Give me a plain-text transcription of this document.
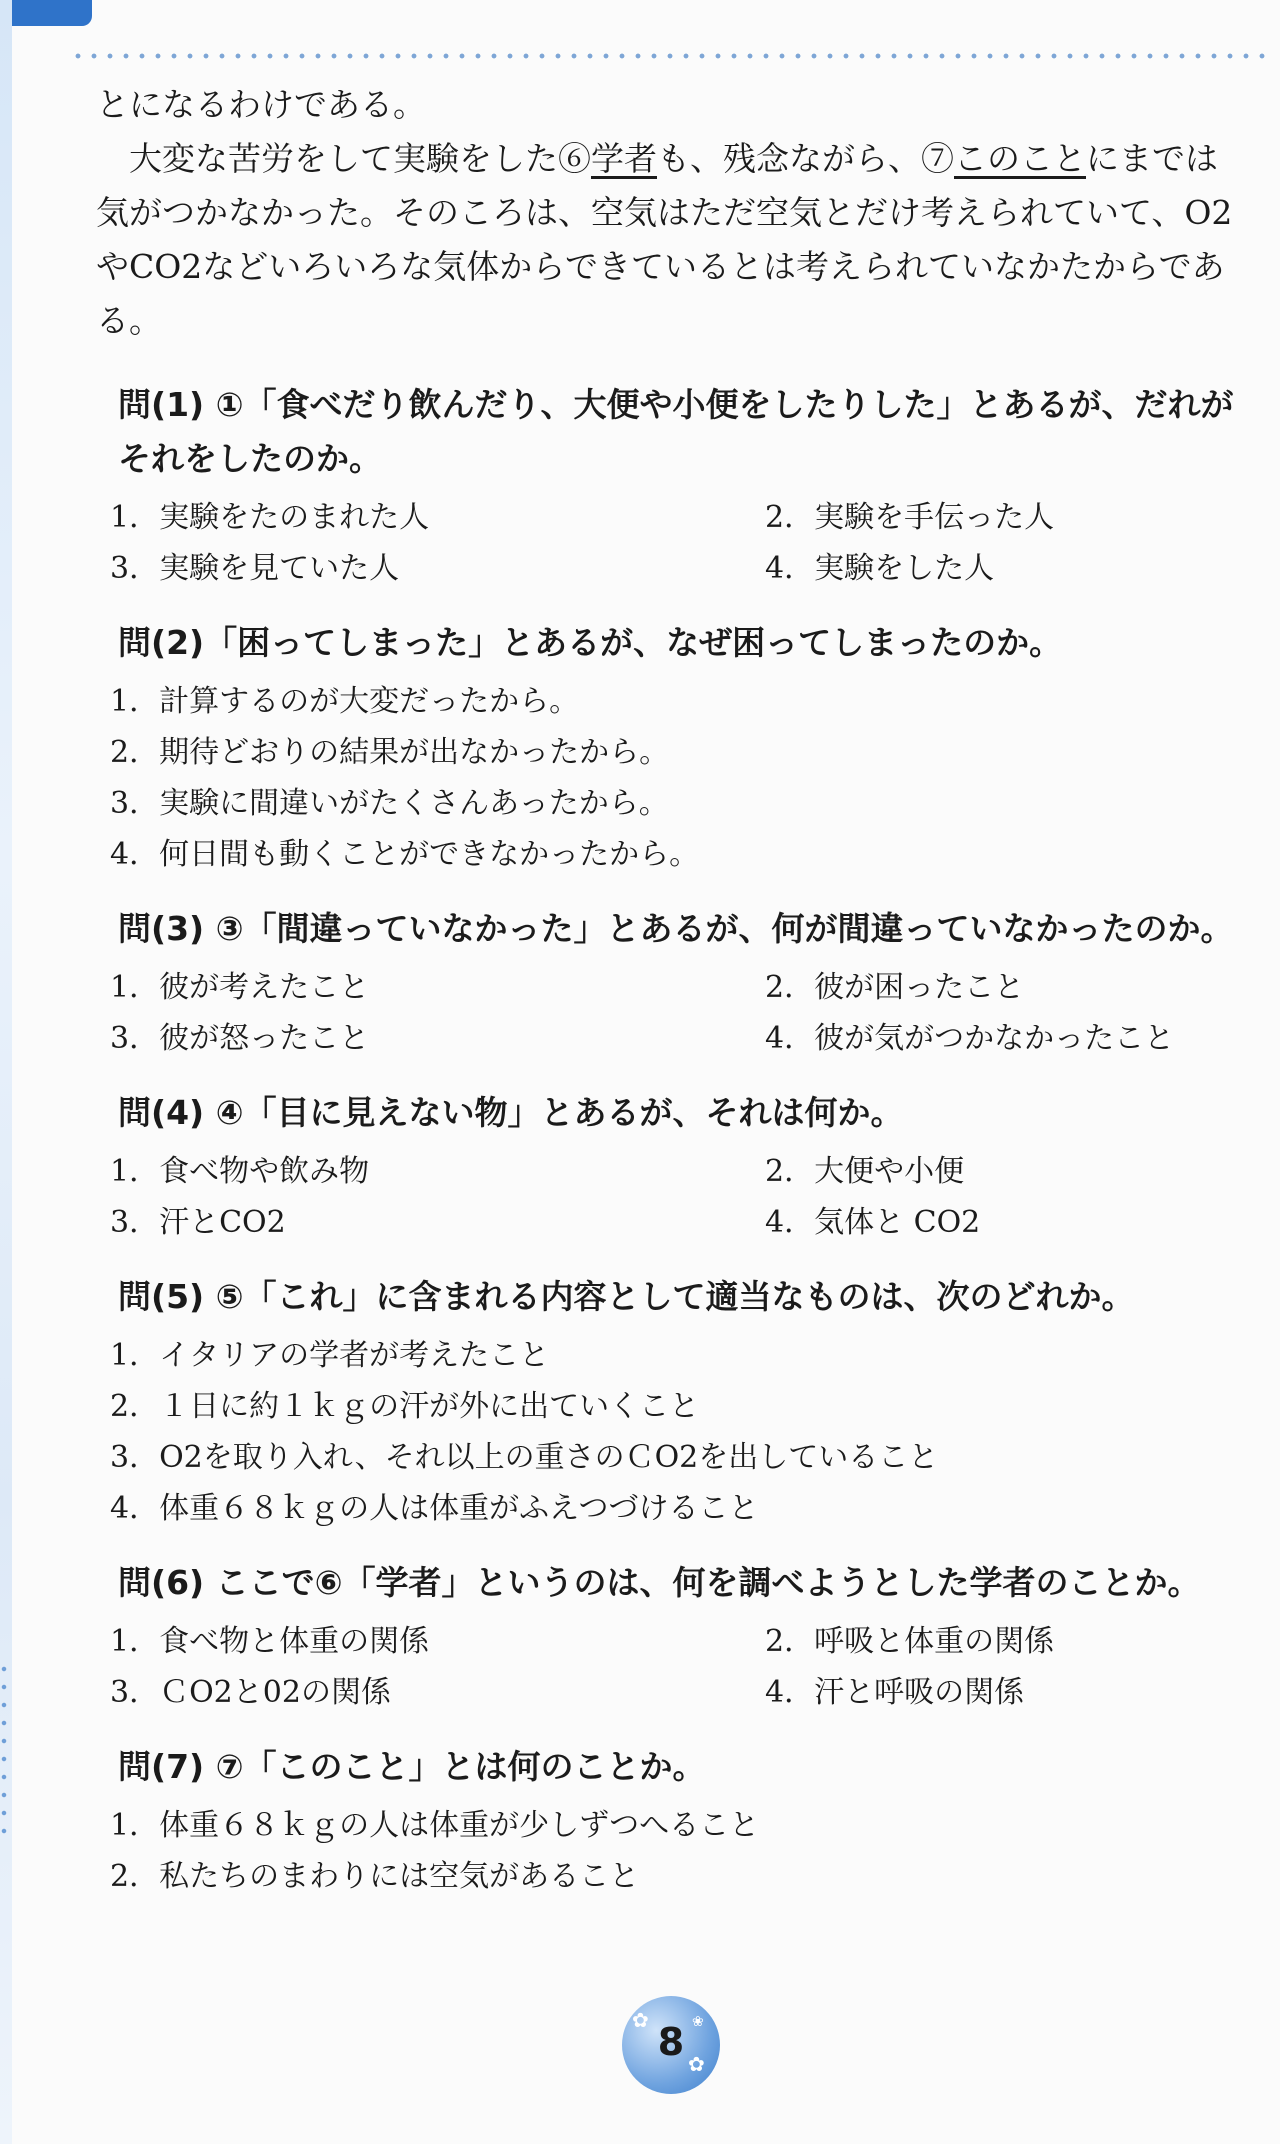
とになるわけである。

大変な苦労をして実験をした⑥学者も、残念ながら、⑦このことにまでは気がつかなかった。そのころは、空気はただ空気とだけ考えられていて、O2やCO2などいろいろな気体からできているとは考えられていなかたからである。

問(1) ①「食べだり飲んだり、大便や小便をしたりした」とあるが、だれがそれをしたのか。
1．実験をたのまれた人	2．実験を手伝った人
3．実験を見ていた人	4．実験をした人
問(2)「困ってしまった」とあるが、なぜ困ってしまったのか。
1．計算するのが大変だったから。
2．期待どおりの結果が出なかったから。
3．実験に間違いがたくさんあったから。
4．何日間も動くことができなかったから。
問(3) ③「間違っていなかった」とあるが、何が間違っていなかったのか。
1．彼が考えたこと	2．彼が困ったこと
3．彼が怒ったこと	4．彼が気がつかなかったこと
問(4) ④「目に見えない物」とあるが、それは何か。
1．食べ物や飲み物	2．大便や小便
3．汗とCO2	4．気体と CO2
問(5) ⑤「これ」に含まれる内容として適当なものは、次のどれか。
1．イタリアの学者が考えたこと
2．１日に約１ｋｇの汗が外に出ていくこと
3．O2を取り入れ、それ以上の重さのＣO2を出していること
4．体重６８ｋｇの人は体重がふえつづけること
問(6) ここで⑥「学者」というのは、何を調べようとした学者のことか。
1．食べ物と体重の関係	2．呼吸と体重の関係
3．ＣO2と02の関係	4．汗と呼吸の関係
問(7) ⑦「このこと」とは何のことか。
1．体重６８ｋｇの人は体重が少しずつへること
2．私たちのまわりには空気があること
✿
✿
❀
8
